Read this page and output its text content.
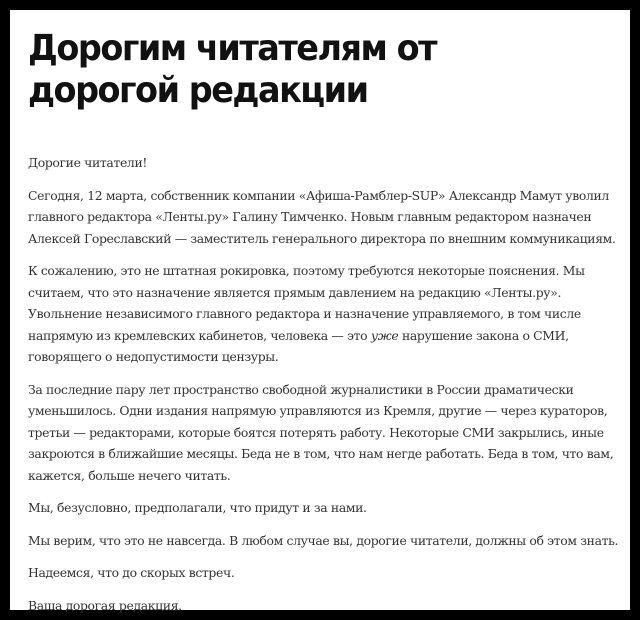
Дорогим читателям от дорогой редакции

Дорогие читатели!

Сегодня, 12 марта, собственник компании «Афиша-Рамблер-SUP» Александр Мамут уволил главного редактора «Ленты.ру» Галину Тимченко. Новым главным редактором назначен Алексей Гореславский — заместитель генерального директора по внешним коммуникациям.

К сожалению, это не штатная рокировка, поэтому требуются некоторые пояснения. Мы считаем, что это назначение является прямым давлением на редакцию «Ленты.ру». Увольнение независимого главного редактора и назначение управляемого, в том числе напрямую из кремлевских кабинетов, человека — это уже нарушение закона о СМИ, говорящего о недопустимости цензуры.

За последние пару лет пространство свободной журналистики в России драматически уменьшилось. Одни издания напрямую управляются из Кремля, другие — через кураторов, третьи — редакторами, которые боятся потерять работу. Некоторые СМИ закрылись, иные закроются в ближайшие месяцы. Беда не в том, что нам негде работать. Беда в том, что вам, кажется, больше нечего читать.

Мы, безусловно, предполагали, что придут и за нами.

Мы верим, что это не навсегда. В любом случае вы, дорогие читатели, должны об этом знать.

Надеемся, что до скорых встреч.

Ваша дорогая редакция.
